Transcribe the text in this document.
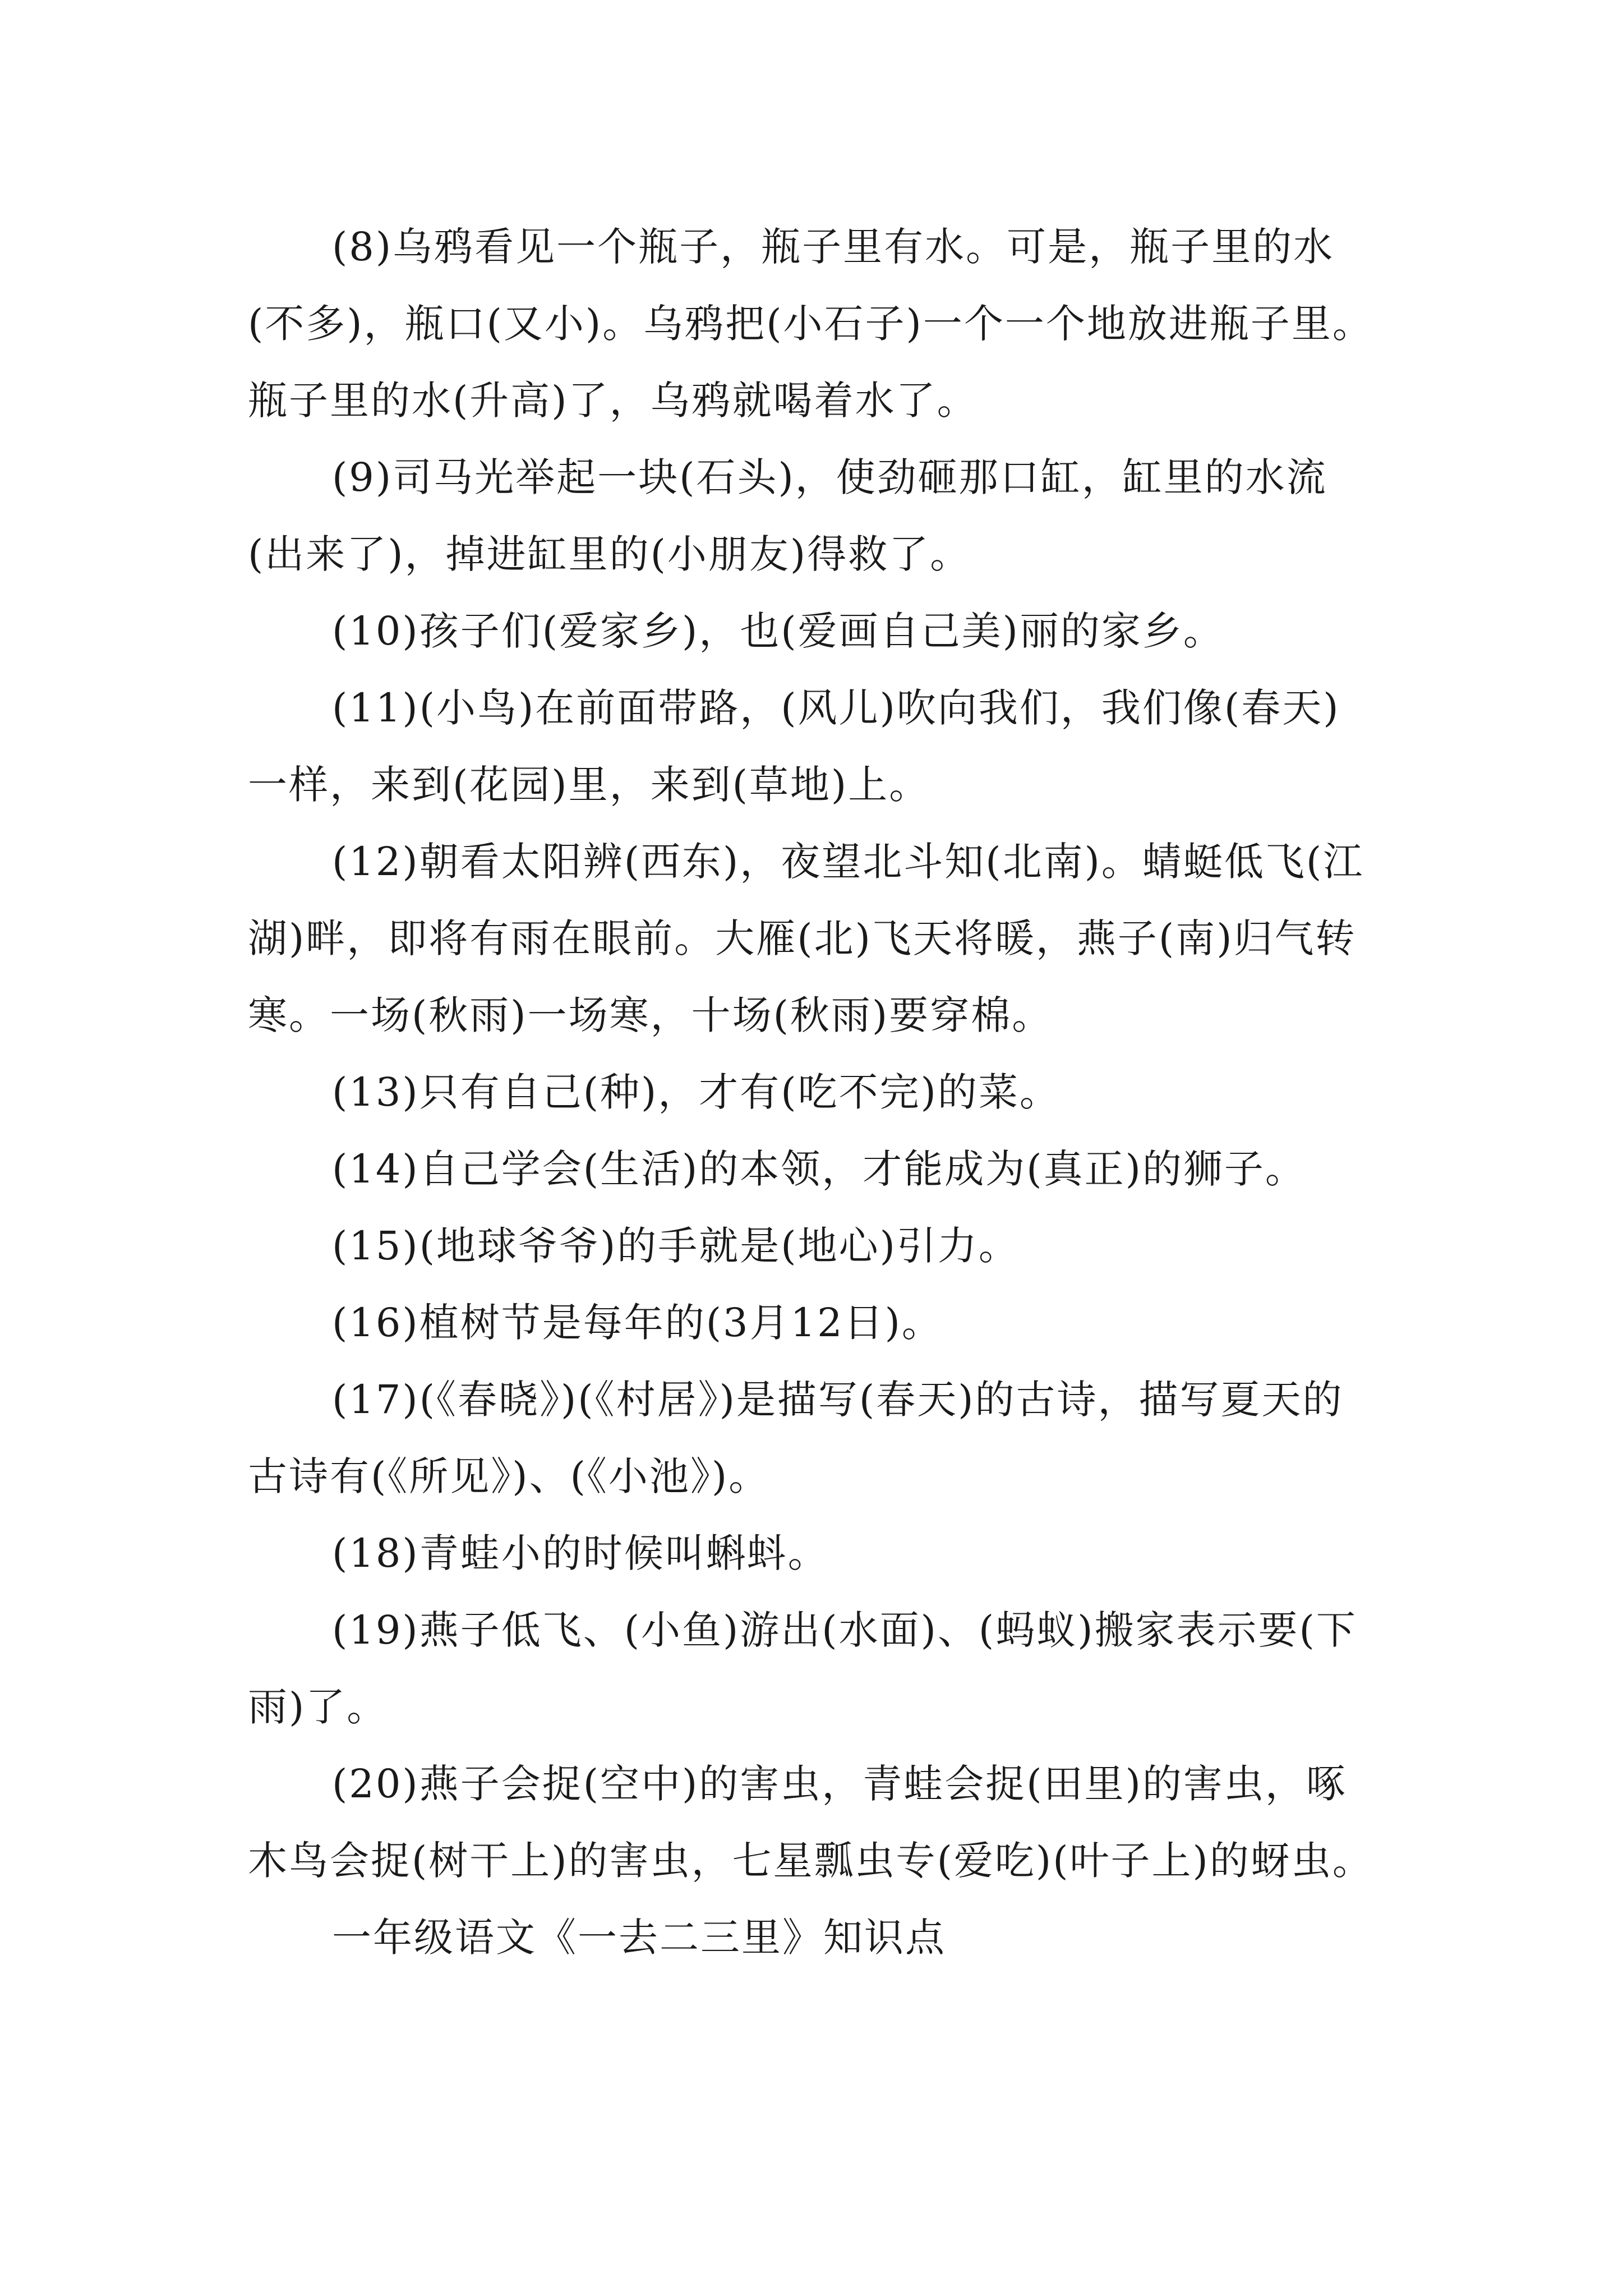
(8)乌鸦看见一个瓶子，瓶子里有水。可是，瓶子里的水(不多)，瓶口(又小)。乌鸦把(小石子)一个一个地放进瓶子里。瓶子里的水(升高)了，乌鸦就喝着水了。

(9)司马光举起一块(石头)，使劲砸那口缸，缸里的水流(出来了)，掉进缸里的(小朋友)得救了。

(10)孩子们(爱家乡)，也(爱画自己美)丽的家乡。

(11)(小鸟)在前面带路，(风儿)吹向我们，我们像(春天)一样，来到(花园)里，来到(草地)上。

(12)朝看太阳辨(西东)，夜望北斗知(北南)。蜻蜓低飞(江湖)畔，即将有雨在眼前。大雁(北)飞天将暖，燕子(南)归气转寒。一场(秋雨)一场寒，十场(秋雨)要穿棉。

(13)只有自己(种)，才有(吃不完)的菜。

(14)自己学会(生活)的本领，才能成为(真正)的狮子。

(15)(地球爷爷)的手就是(地心)引力。

(16)植树节是每年的(3月12日)。

(17)(《春晓》)(《村居》)是描写(春天)的古诗，描写夏天的古诗有(《所见》)、(《小池》)。

(18)青蛙小的时候叫蝌蚪。

(19)燕子低飞、(小鱼)游出(水面)、(蚂蚁)搬家表示要(下雨)了。

(20)燕子会捉(空中)的害虫，青蛙会捉(田里)的害虫，啄木鸟会捉(树干上)的害虫，七星瓢虫专(爱吃)(叶子上)的蚜虫。

一年级语文《一去二三里》知识点
